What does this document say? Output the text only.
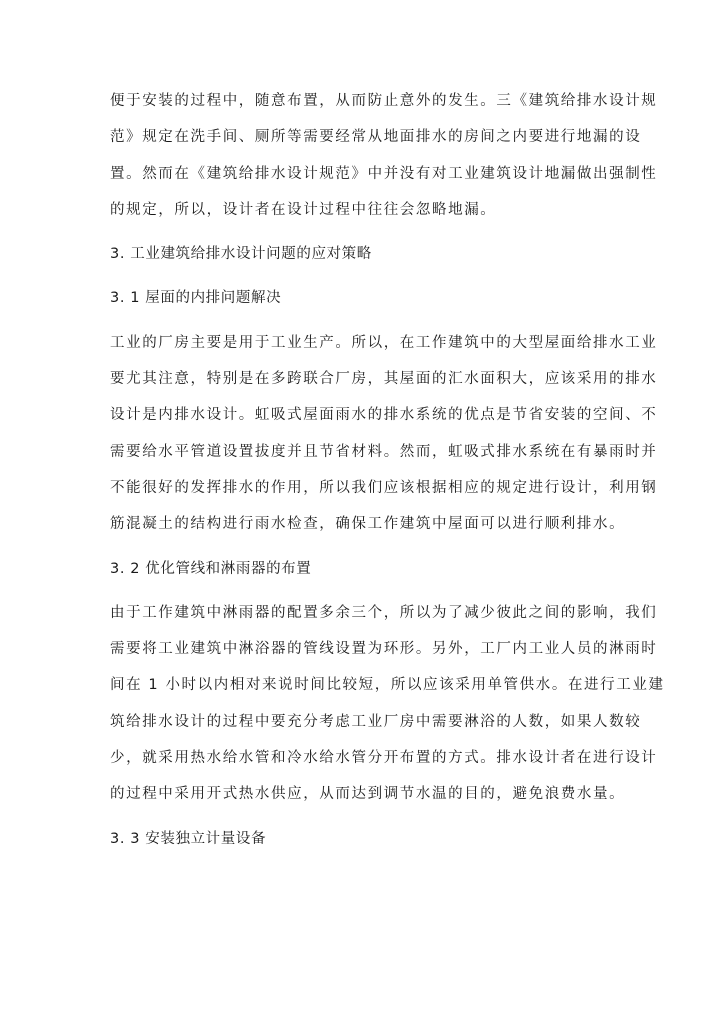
便于安装的过程中，随意布置，从而防止意外的发生。三《建筑给排水设计规
范》规定在洗手间、厕所等需要经常从地面排水的房间之内要进行地漏的设
置。然而在《建筑给排水设计规范》中并没有对工业建筑设计地漏做出强制性
的规定，所以，设计者在设计过程中往往会忽略地漏。
3. 工业建筑给排水设计问题的应对策略
3. 1 屋面的内排问题解决
工业的厂房主要是用于工业生产。所以，在工作建筑中的大型屋面给排水工业
要尤其注意，特别是在多跨联合厂房，其屋面的汇水面积大，应该采用的排水
设计是内排水设计。虹吸式屋面雨水的排水系统的优点是节省安装的空间、不
需要给水平管道设置拔度并且节省材料。然而，虹吸式排水系统在有暴雨时并
不能很好的发挥排水的作用，所以我们应该根据相应的规定进行设计，利用钢
筋混凝土的结构进行雨水检查，确保工作建筑中屋面可以进行顺利排水。
3. 2 优化管线和淋雨器的布置
由于工作建筑中淋雨器的配置多余三个，所以为了减少彼此之间的影响，我们
需要将工业建筑中淋浴器的管线设置为环形。另外，工厂内工业人员的淋雨时
间在 1 小时以内相对来说时间比较短，所以应该采用单管供水。在进行工业建
筑给排水设计的过程中要充分考虑工业厂房中需要淋浴的人数，如果人数较
少，就采用热水给水管和冷水给水管分开布置的方式。排水设计者在进行设计
的过程中采用开式热水供应，从而达到调节水温的目的，避免浪费水量。
3. 3 安装独立计量设备
